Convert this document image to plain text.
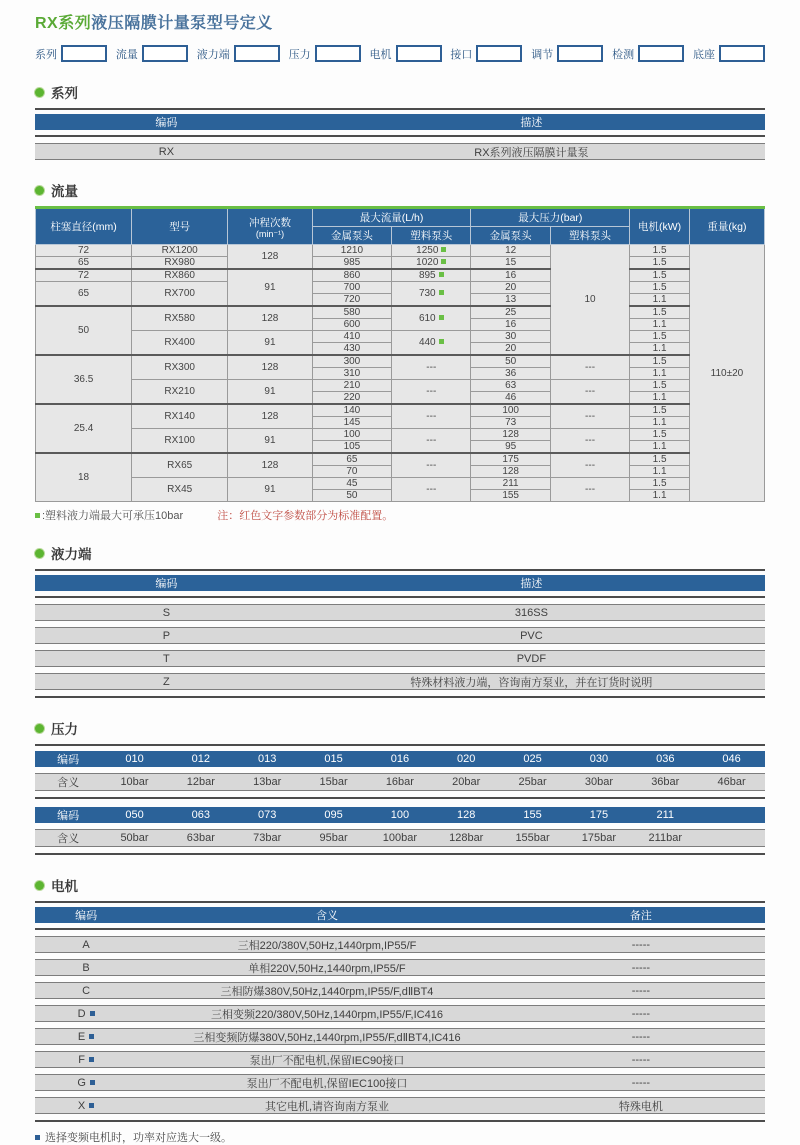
RX系列液压隔膜计量泵型号定义
系列	流量	液力端	压力	电机	接口	调节	检测	底座
系列
编码	描述
RX	RX系列液压隔膜计量泵
流量
柱塞直径(mm)	型号	冲程次数
(min⁻¹)	最大流量(L/h)		最大压力(bar)		电机(kW)	重量(kg)
			金属泵头	塑料泵头	金属泵头	塑料泵头		
72	RX1200	128	1210	1250	12	10	1.5	110±20
65	RX980		985	1020	15		1.5	
72	RX860	91	860	895	16		1.5	
65	RX700		700	730	20		1.5	
			720		13		1.1	
50	RX580	128	580	610	25		1.5	
			600		16		1.1	
	RX400	91	410	440	30		1.5	
			430		20		1.1	
36.5	RX300	128	300	---	50	---	1.5	
			310		36		1.1	
	RX210	91	210	---	63	---	1.5	
			220		46		1.1	
25.4	RX140	128	140	---	100	---	1.5	
			145		73		1.1	
	RX100	91	100	---	128	---	1.5	
			105		95		1.1	
18	RX65	128	65	---	175	---	1.5	
			70		128		1.1	
	RX45	91	45	---	211	---	1.5	
			50		155		1.1	
:塑料液力端最大可承压10bar	注：红色文字参数部分为标准配置。
液力端
编码	描述
S	316SS
P	PVC
T	PVDF
Z	特殊材料液力端，咨询南方泵业，并在订货时说明
压力
编码	010	012	013	015	016	020	025	030	036	046
含义	10bar	12bar	13bar	15bar	16bar	20bar	25bar	30bar	36bar	46bar
编码	050	063	073	095	100	128	155	175	211
含义	50bar	63bar	73bar	95bar	100bar	128bar	155bar	175bar	211bar
电机
编码	含义	备注
A	三相220/380V,50Hz,1440rpm,IP55/F	-----
B	单相220V,50Hz,1440rpm,IP55/F	-----
C	三相防爆380V,50Hz,1440rpm,IP55/F,dⅡBT4	-----
D	三相变频220/380V,50Hz,1440rpm,IP55/F,IC416	-----
E	三相变频防爆380V,50Hz,1440rpm,IP55/F,dⅡBT4,IC416	-----
F	泵出厂不配电机,保留IEC90接口	-----
G	泵出厂不配电机,保留IEC100接口	-----
X	其它电机,请咨询南方泵业	特殊电机
选择变频电机时，功率对应选大一级。
